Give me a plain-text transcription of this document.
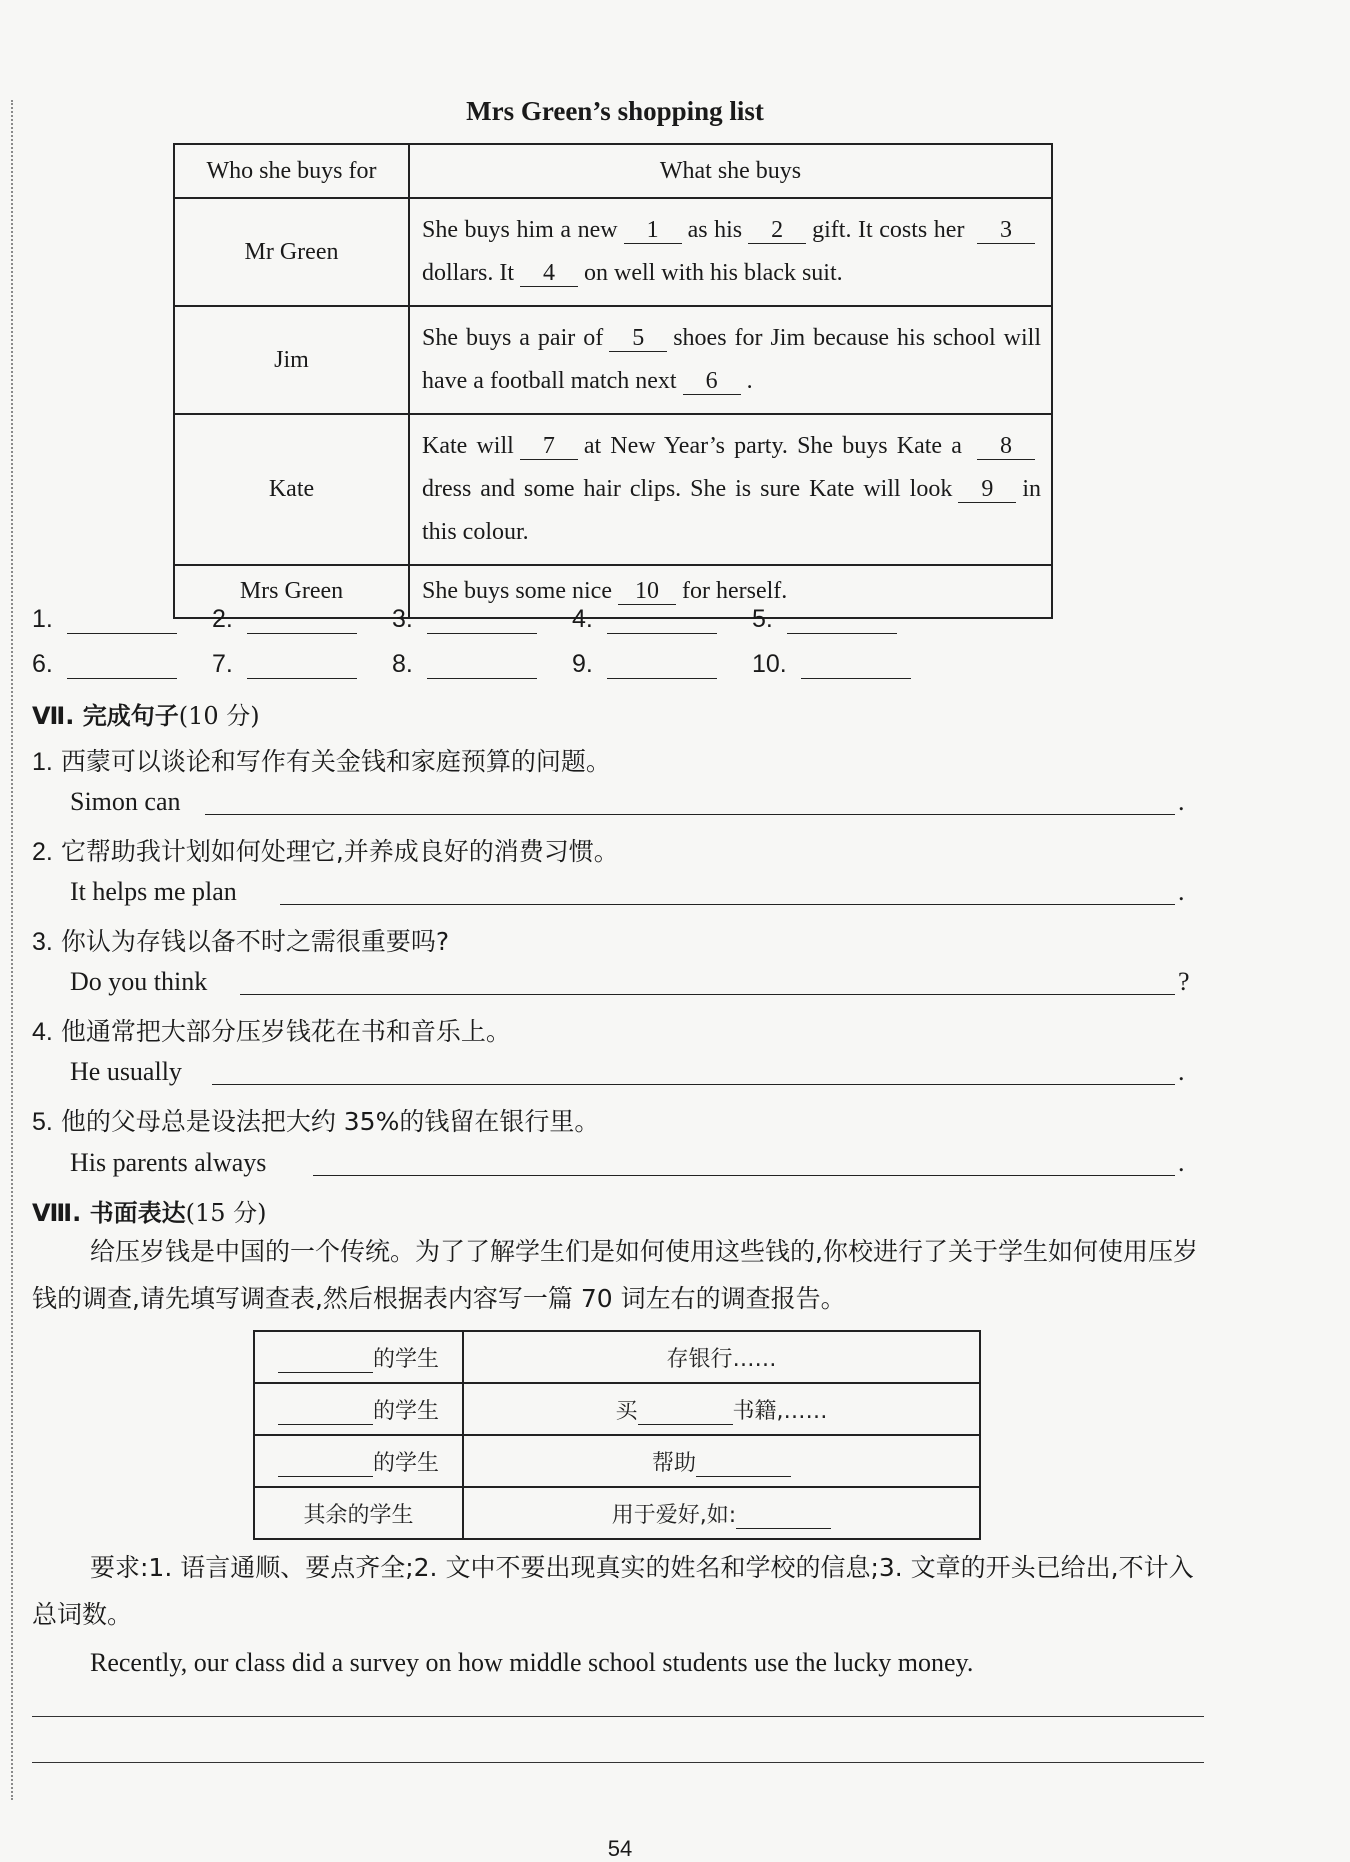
Mrs Green’s shopping list
Who she buys for	What she buys
Mr Green	She buys him a new 1 as his 2 gift. It costs her 3dollars. It 4 on well with his black suit.
Jim	She buys a pair of 5 shoes for Jim because his school will have a football match next 6 .
Kate	Kate will 7 at New Year’s party. She buys Kate a 8dress and some hair clips. She is sure Kate will look 9 in this colour.
Mrs Green	She buys some nice 10 for herself.
1.	2.	3.	4.	5.
6.	7.	8.	9.	10.
Ⅶ. 完成句子(10 分)
1. 西蒙可以谈论和写作有关金钱和家庭预算的问题。
Simon can	.
2. 它帮助我计划如何处理它,并养成良好的消费习惯。
It helps me plan	.
3. 你认为存钱以备不时之需很重要吗?
Do you think	?
4. 他通常把大部分压岁钱花在书和音乐上。
He usually	.
5. 他的父母总是设法把大约 35%的钱留在银行里。
His parents always	.
Ⅷ. 书面表达(15 分)
给压岁钱是中国的一个传统。为了了解学生们是如何使用这些钱的,你校进行了关于学生如何使用压岁钱的调查,请先填写调查表,然后根据表内容写一篇 70 词左右的调查报告。
的学生	存银行……
的学生	买 书籍,……
的学生	帮助
其余的学生	用于爱好,如:
要求:1. 语言通顺、要点齐全;2. 文中不要出现真实的姓名和学校的信息;3. 文章的开头已给出,不计入总词数。
Recently, our class did a survey on how middle school students use the lucky money.
54
